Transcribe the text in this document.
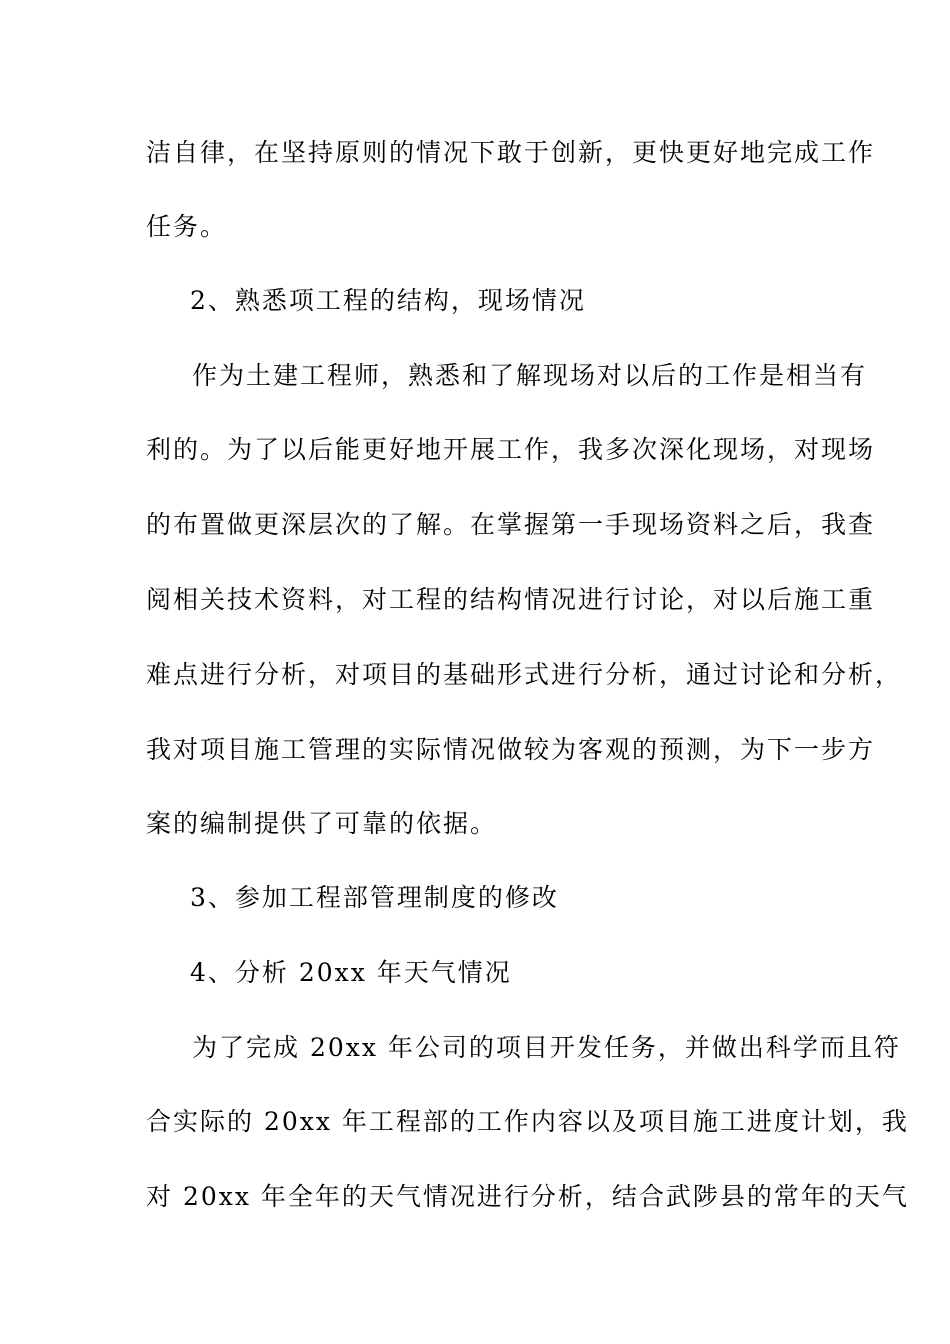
洁自律，在坚持原则的情况下敢于创新，更快更好地完成工作
任务。
2、熟悉项工程的结构，现场情况
作为土建工程师，熟悉和了解现场对以后的工作是相当有
利的。为了以后能更好地开展工作，我多次深化现场，对现场
的布置做更深层次的了解。在掌握第一手现场资料之后，我查
阅相关技术资料，对工程的结构情况进行讨论，对以后施工重
难点进行分析，对项目的基础形式进行分析，通过讨论和分析，
我对项目施工管理的实际情况做较为客观的预测，为下一步方
案的编制提供了可靠的依据。
3、参加工程部管理制度的修改
4、分析 20xx 年天气情况
为了完成 20xx 年公司的项目开发任务，并做出科学而且符
合实际的 20xx 年工程部的工作内容以及项目施工进度计划，我
对 20xx 年全年的天气情况进行分析，结合武陟县的常年的天气
